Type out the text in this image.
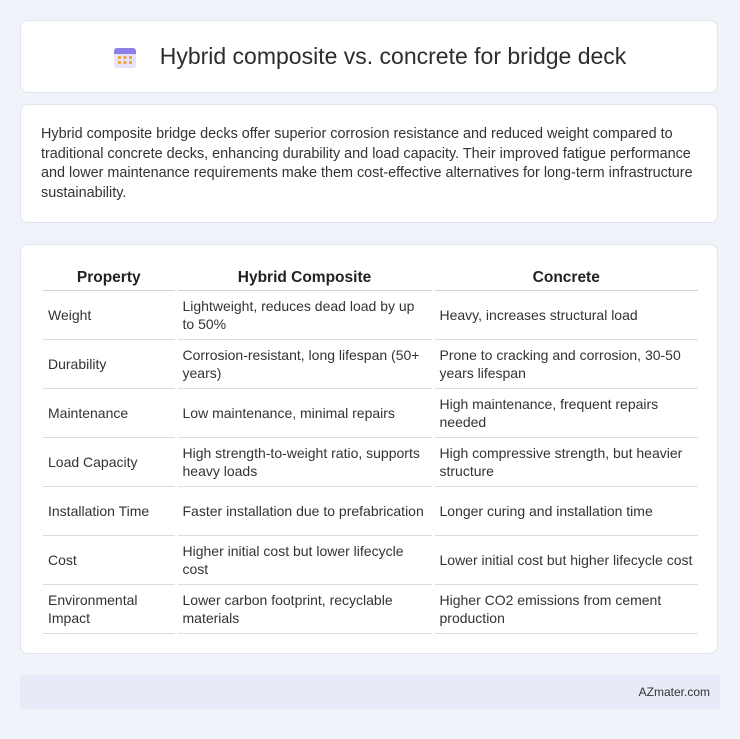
Hybrid composite vs. concrete for bridge deck

Hybrid composite bridge decks offer superior corrosion resistance and reduced weight compared to traditional concrete decks, enhancing durability and load capacity. Their improved fatigue performance and lower maintenance requirements make them cost-effective alternatives for long-term infrastructure sustainability.

Property	Hybrid Composite	Concrete
Weight	Lightweight, reduces dead load by up to 50%	Heavy, increases structural load
Durability	Corrosion-resistant, long lifespan (50+ years)	Prone to cracking and corrosion, 30-50 years lifespan
Maintenance	Low maintenance, minimal repairs	High maintenance, frequent repairs needed
Load Capacity	High strength-to-weight ratio, supports heavy loads	High compressive strength, but heavier structure
Installation Time	Faster installation due to prefabrication	Longer curing and installation time
Cost	Higher initial cost but lower lifecycle cost	Lower initial cost but higher lifecycle cost
Environmental Impact	Lower carbon footprint, recyclable materials	Higher CO2 emissions from cement production
AZmater.com
